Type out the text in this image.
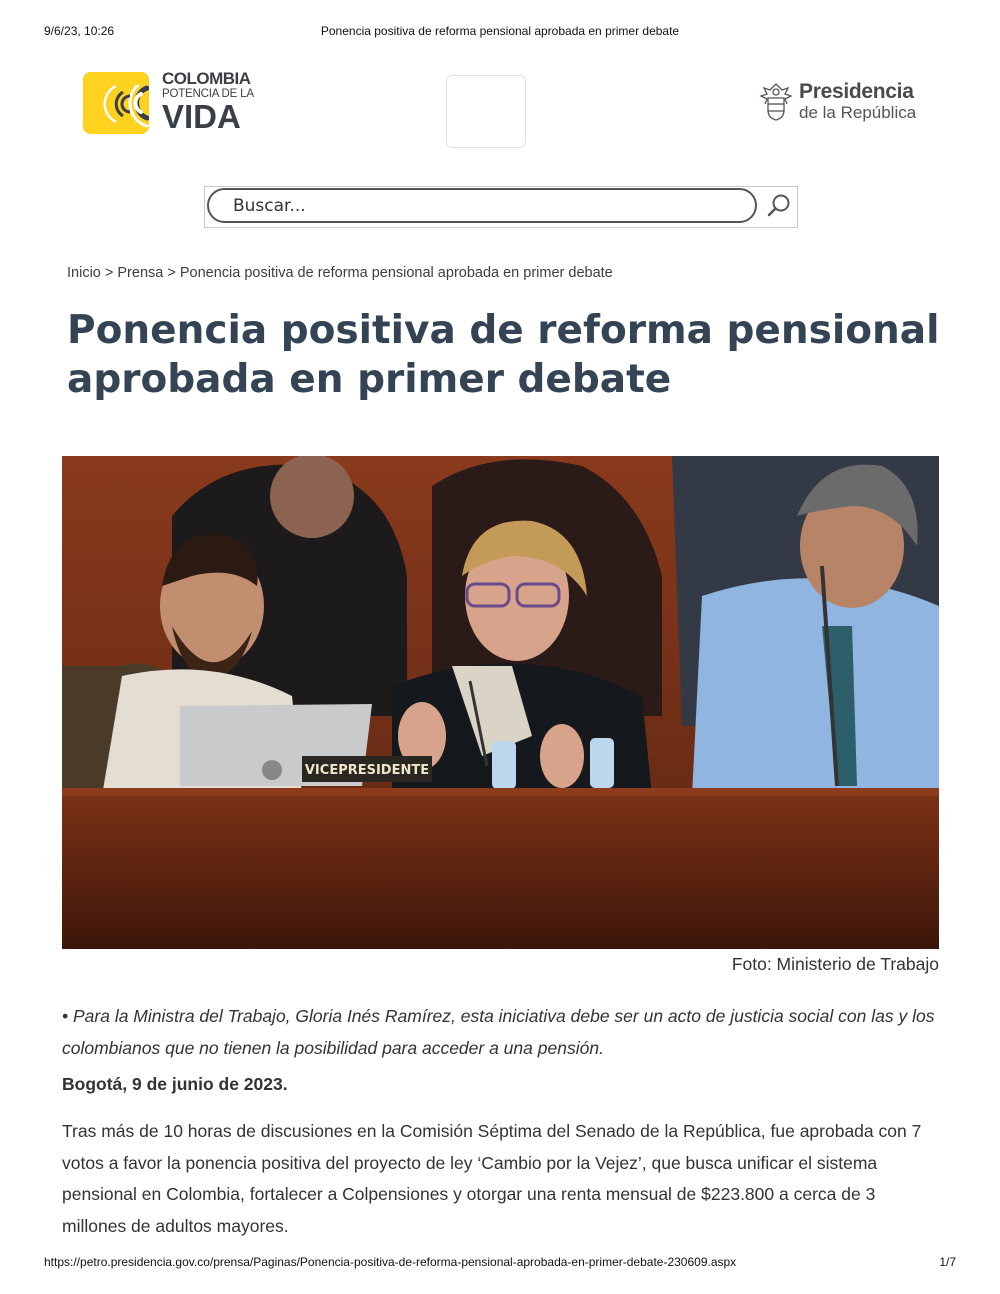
9/6/23, 10:26	Ponencia positiva de reforma pensional aprobada en primer debate
COLOMBIA
POTENCIA DE LA
VIDA
Presidencia
de la República
Buscar...
Inicio > Prensa > Ponencia positiva de reforma pensional aprobada en primer debate
Ponencia positiva de reforma pensional aprobada en primer debate
VICEPRESIDENTE
Foto: Ministerio de Trabajo

• Para la Ministra del Trabajo, Gloria Inés Ramírez, esta iniciativa debe ser un acto de justicia social con las y los colombianos que no tienen la posibilidad para acceder a una pensión.

Bogotá, 9 de junio de 2023.

Tras más de 10 horas de discusiones en la Comisión Séptima del Senado de la República, fue aprobada con 7 votos a favor la ponencia positiva del proyecto de ley ‘Cambio por la Vejez’, que busca unificar el sistema pensional en Colombia, fortalecer a Colpensiones y otorgar una renta mensual de $223.800 a cerca de 3 millones de adultos mayores.

https://petro.presidencia.gov.co/prensa/Paginas/Ponencia-positiva-de-reforma-pensional-aprobada-en-primer-debate-230609.aspx	1/7
